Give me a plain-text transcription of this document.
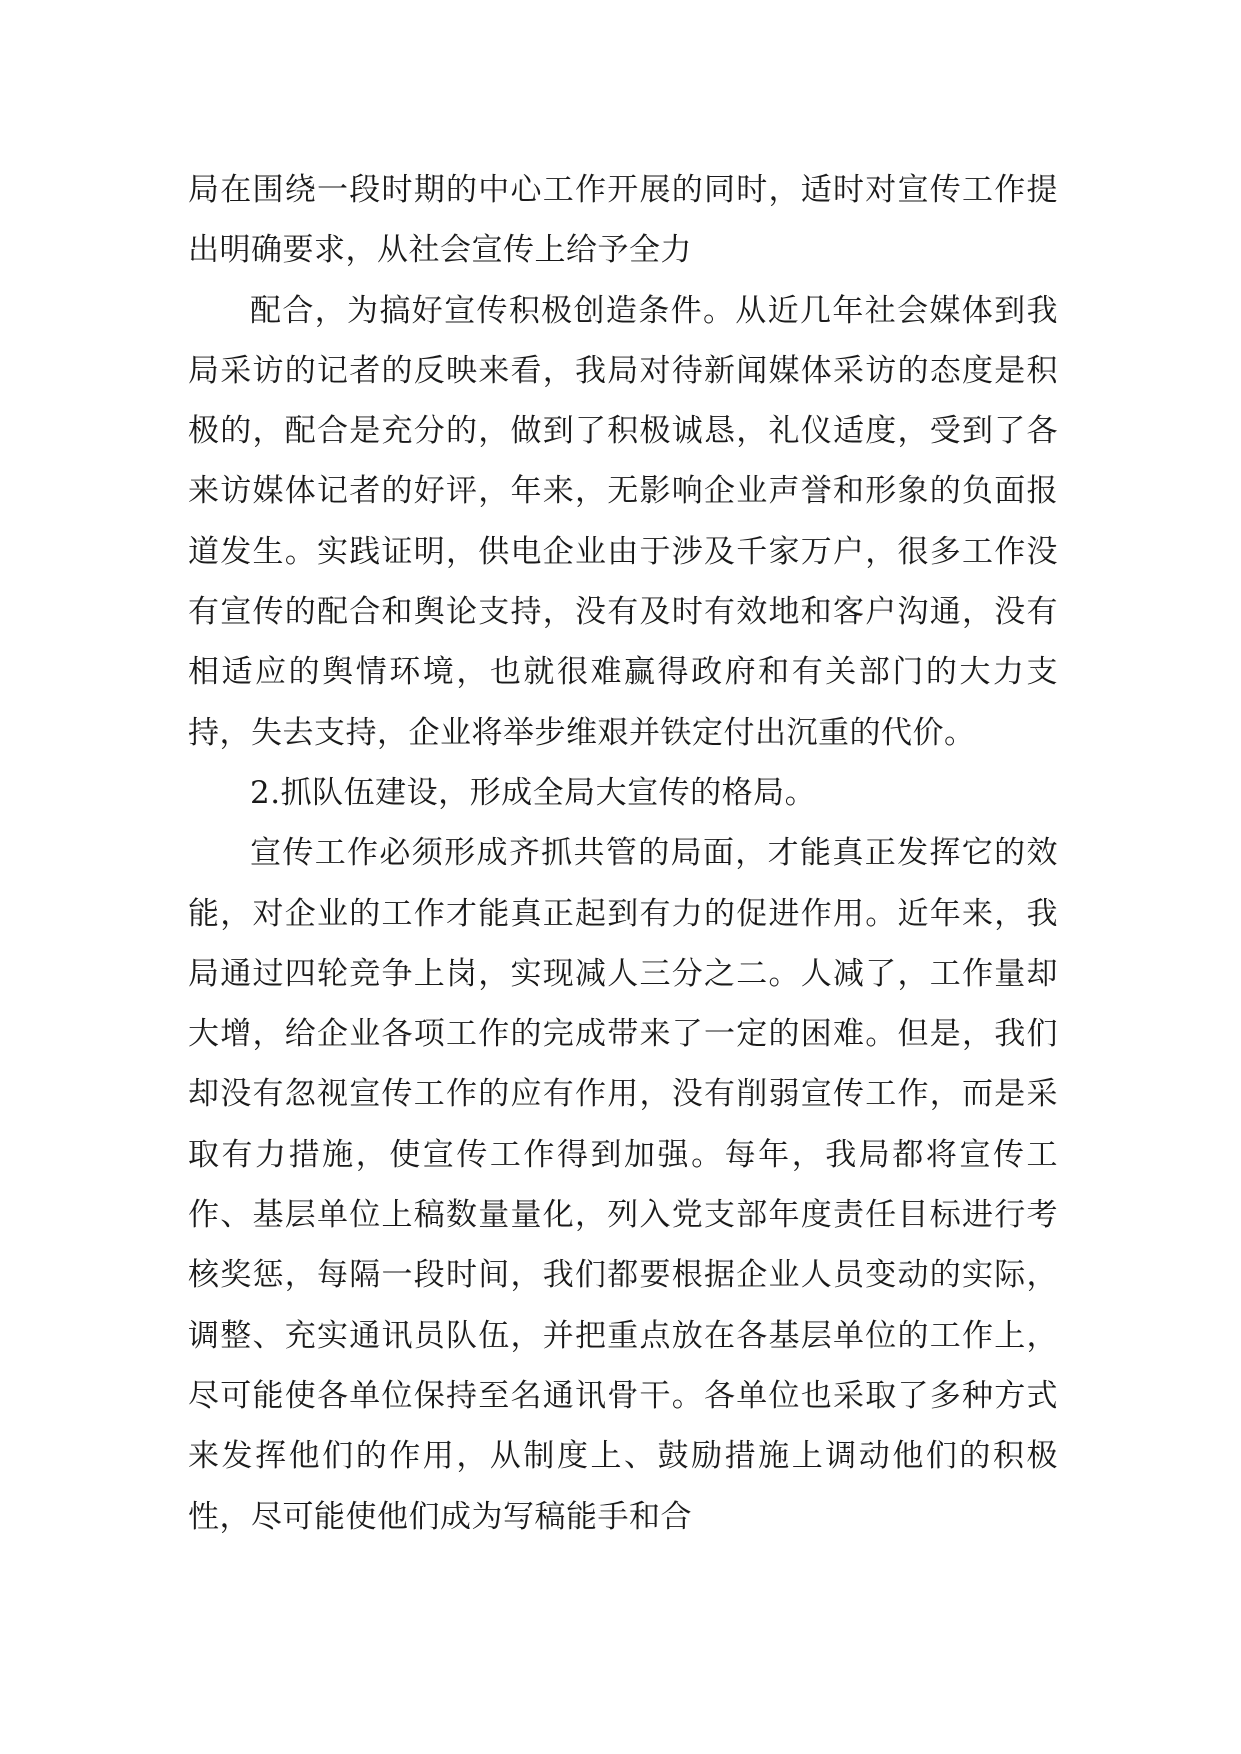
局在围绕一段时期的中心工作开展的同时，适时对宣传工作提出明确要求，从社会宣传上给予全力

配合，为搞好宣传积极创造条件。从近几年社会媒体到我局采访的记者的反映来看，我局对待新闻媒体采访的态度是积极的，配合是充分的，做到了积极诚恳，礼仪适度，受到了各来访媒体记者的好评，年来，无影响企业声誉和形象的负面报道发生。实践证明，供电企业由于涉及千家万户，很多工作没有宣传的配合和舆论支持，没有及时有效地和客户沟通，没有相适应的舆情环境，也就很难赢得政府和有关部门的大力支持，失去支持，企业将举步维艰并铁定付出沉重的代价。

2.抓队伍建设，形成全局大宣传的格局。

宣传工作必须形成齐抓共管的局面，才能真正发挥它的效能，对企业的工作才能真正起到有力的促进作用。近年来，我局通过四轮竞争上岗，实现减人三分之二。人减了，工作量却大增，给企业各项工作的完成带来了一定的困难。但是，我们却没有忽视宣传工作的应有作用，没有削弱宣传工作，而是采取有力措施，使宣传工作得到加强。每年，我局都将宣传工作、基层单位上稿数量量化，列入党支部年度责任目标进行考核奖惩，每隔一段时间，我们都要根据企业人员变动的实际，调整、充实通讯员队伍，并把重点放在各基层单位的工作上，尽可能使各单位保持至名通讯骨干。各单位也采取了多种方式来发挥他们的作用，从制度上、鼓励措施上调动他们的积极性，尽可能使他们成为写稿能手和合
